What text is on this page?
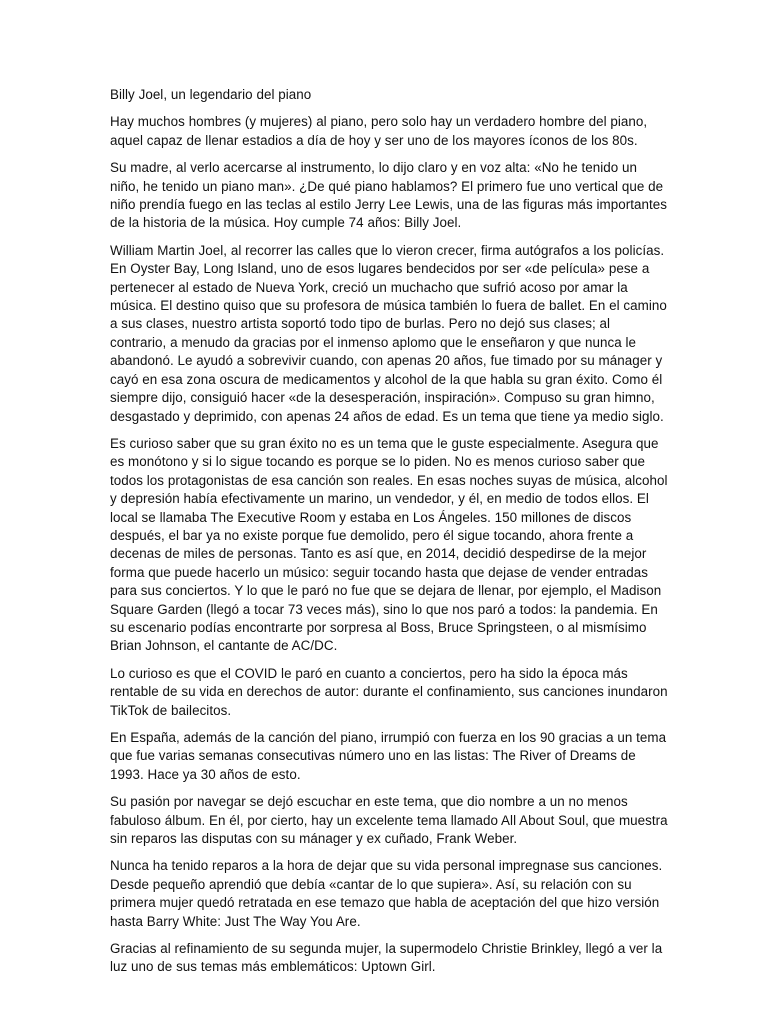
Billy Joel, un legendario del piano

Hay muchos hombres (y mujeres) al piano, pero solo hay un verdadero hombre del piano, aquel capaz de llenar estadios a día de hoy y ser uno de los mayores íconos de los 80s.

Su madre, al verlo acercarse al instrumento, lo dijo claro y en voz alta: «No he tenido un niño, he tenido un piano man». ¿De qué piano hablamos? El primero fue uno vertical que de niño prendía fuego en las teclas al estilo Jerry Lee Lewis, una de las figuras más importantes de la historia de la música. Hoy cumple 74 años: Billy Joel.

William Martin Joel, al recorrer las calles que lo vieron crecer, firma autógrafos a los policías. En Oyster Bay, Long Island, uno de esos lugares bendecidos por ser «de película» pese a pertenecer al estado de Nueva York, creció un muchacho que sufrió acoso por amar la música. El destino quiso que su profesora de música también lo fuera de ballet. En el camino a sus clases, nuestro artista soportó todo tipo de burlas. Pero no dejó sus clases; al contrario, a menudo da gracias por el inmenso aplomo que le enseñaron y que nunca le abandonó. Le ayudó a sobrevivir cuando, con apenas 20 años, fue timado por su mánager y cayó en esa zona oscura de medicamentos y alcohol de la que habla su gran éxito. Como él siempre dijo, consiguió hacer «de la desesperación, inspiración». Compuso su gran himno, desgastado y deprimido, con apenas 24 años de edad. Es un tema que tiene ya medio siglo.

Es curioso saber que su gran éxito no es un tema que le guste especialmente. Asegura que es monótono y si lo sigue tocando es porque se lo piden. No es menos curioso saber que todos los protagonistas de esa canción son reales. En esas noches suyas de música, alcohol y depresión había efectivamente un marino, un vendedor, y él, en medio de todos ellos. El local se llamaba The Executive Room y estaba en Los Ángeles. 150 millones de discos después, el bar ya no existe porque fue demolido, pero él sigue tocando, ahora frente a decenas de miles de personas. Tanto es así que, en 2014, decidió despedirse de la mejor forma que puede hacerlo un músico: seguir tocando hasta que dejase de vender entradas para sus conciertos. Y lo que le paró no fue que se dejara de llenar, por ejemplo, el Madison Square Garden (llegó a tocar 73 veces más), sino lo que nos paró a todos: la pandemia. En su escenario podías encontrarte por sorpresa al Boss, Bruce Springsteen, o al mismísimo Brian Johnson, el cantante de AC/DC.

Lo curioso es que el COVID le paró en cuanto a conciertos, pero ha sido la época más rentable de su vida en derechos de autor: durante el confinamiento, sus canciones inundaron TikTok de bailecitos.

En España, además de la canción del piano, irrumpió con fuerza en los 90 gracias a un tema que fue varias semanas consecutivas número uno en las listas: The River of Dreams de 1993. Hace ya 30 años de esto.

Su pasión por navegar se dejó escuchar en este tema, que dio nombre a un no menos fabuloso álbum. En él, por cierto, hay un excelente tema llamado All About Soul, que muestra sin reparos las disputas con su mánager y ex cuñado, Frank Weber.

Nunca ha tenido reparos a la hora de dejar que su vida personal impregnase sus canciones. Desde pequeño aprendió que debía «cantar de lo que supiera». Así, su relación con su primera mujer quedó retratada en ese temazo que habla de aceptación del que hizo versión hasta Barry White: Just The Way You Are.

Gracias al refinamiento de su segunda mujer, la supermodelo Christie Brinkley, llegó a ver la luz uno de sus temas más emblemáticos: Uptown Girl.
